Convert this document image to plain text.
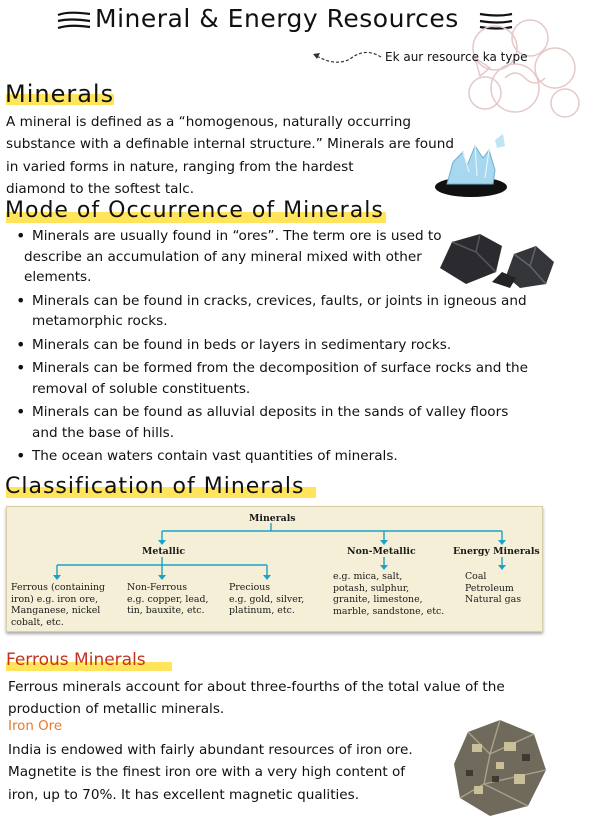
Mineral & Energy Resources
Ek aur resource ka type
Minerals
A mineral is defined as a “homogenous, naturally occurring
substance with a definable internal structure.” Minerals are found
in varied forms in nature, ranging from the hardest
diamond to the softest talc.
Mode of Occurrence of Minerals
• Minerals are usually found in “ores”. The term ore is used to
describe an accumulation of any mineral mixed with other
elements.
• Minerals can be found in cracks, crevices, faults, or joints in igneous and
metamorphic rocks.
• Minerals can be found in beds or layers in sedimentary rocks.
• Minerals can be formed from the decomposition of surface rocks and the
removal of soluble constituents.
• Minerals can be found as alluvial deposits in the sands of valley floors
and the base of hills.
• The ocean waters contain vast quantities of minerals.
Classification of Minerals
Minerals
Metallic	Non-Metallic	Energy Minerals
Ferrous (containing
iron) e.g. iron ore,
Manganese, nickel
cobalt, etc.
Non-Ferrous
e.g. copper, lead,
tin, bauxite, etc.
Precious
e.g. gold, silver,
platinum, etc.
e.g. mica, salt,
potash, sulphur,
granite, limestone,
marble, sandstone, etc.
Coal
Petroleum
Natural gas
Ferrous Minerals
Ferrous minerals account for about three-fourths of the total value of the
production of metallic minerals.
Iron Ore
India is endowed with fairly abundant resources of iron ore.
Magnetite is the finest iron ore with a very high content of
iron, up to 70%. It has excellent magnetic qualities.
